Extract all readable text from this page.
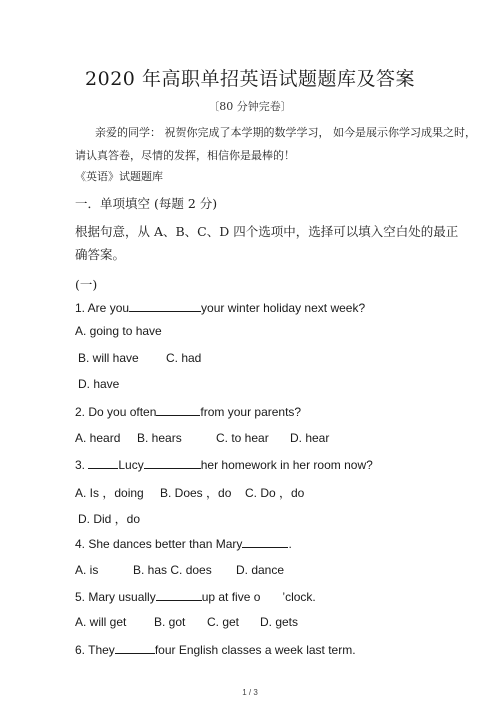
2020 年高职单招英语试题题库及答案
〔80 分钟完卷〕
亲爱的同学： 祝贺你完成了本学期的数学学习， 如今是展示你学习成果之时，
请认真答卷，尽情的发挥，相信你是最棒的！
《英语》试题题库
一．单项填空 (每题 2 分)
根据句意，从 A、B、C、D 四个选项中，选择可以填入空白处的最正
确答案。
(一)
1. Are you	your winter holiday next week?
A. going to have
B. will have C. had
D. have
2. Do you often	from your parents?
A. heard B. hears	C. to hear D. hear
3.	Lucy	her homework in her room now?
A. Is ，doing B. Does ，do C. Do ，do
D. Did ，do
4. She dances better than Mary	.
A. is	B. has C. does D. dance
5. Mary usually	up at five o ’clock.
A. will get B. got C. get D. gets
6. They	four English classes a week last term.
1 / 3
